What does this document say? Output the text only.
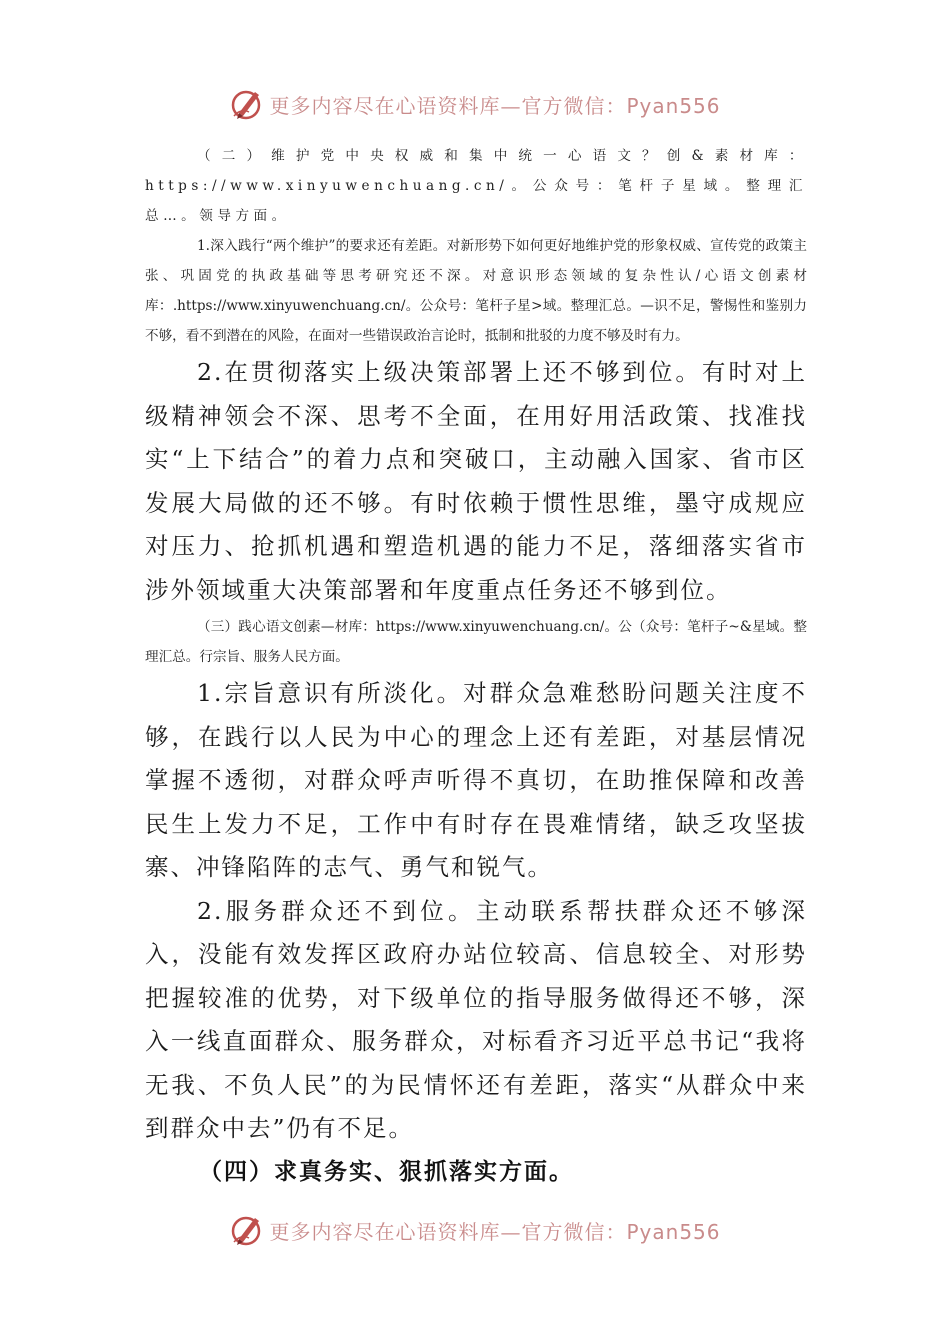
更多内容尽在心语资料库—官方微信：Pyan556

（二）维护党中央权威和集中统一心语文？创&素材库：https://www.xinyuwenchuang.cn/。公众号：笔杆子星域。整理汇总…。领导方面。

1.深入践行“两个维护”的要求还有差距。对新形势下如何更好地维护党的形象权威、宣传党的政策主张、巩固党的执政基础等思考研究还不深。对意识形态领域的复杂性认/心语文创素材库：.https://www.xinyuwenchuang.cn/。公众号：笔杆子星>域。整理汇总。—识不足，警惕性和鉴别力不够，看不到潜在的风险，在面对一些错误政治言论时，抵制和批驳的力度不够及时有力。

2.在贯彻落实上级决策部署上还不够到位。有时对上级精神领会不深、思考不全面，在用好用活政策、找准找实“上下结合”的着力点和突破口，主动融入国家、省市区发展大局做的还不够。有时依赖于惯性思维，墨守成规应对压力、抢抓机遇和塑造机遇的能力不足，落细落实省市涉外领域重大决策部署和年度重点任务还不够到位。

（三）践心语文创素—材库：https://www.xinyuwenchuang.cn/。公（众号：笔杆子~&星域。整理汇总。行宗旨、服务人民方面。

1.宗旨意识有所淡化。对群众急难愁盼问题关注度不够，在践行以人民为中心的理念上还有差距，对基层情况掌握不透彻，对群众呼声听得不真切，在助推保障和改善民生上发力不足，工作中有时存在畏难情绪，缺乏攻坚拔寨、冲锋陷阵的志气、勇气和锐气。

2.服务群众还不到位。主动联系帮扶群众还不够深入，没能有效发挥区政府办站位较高、信息较全、对形势把握较准的优势，对下级单位的指导服务做得还不够，深入一线直面群众、服务群众，对标看齐习近平总书记“我将无我、不负人民”的为民情怀还有差距，落实“从群众中来到群众中去”仍有不足。

（四）求真务实、狠抓落实方面。

更多内容尽在心语资料库—官方微信：Pyan556
